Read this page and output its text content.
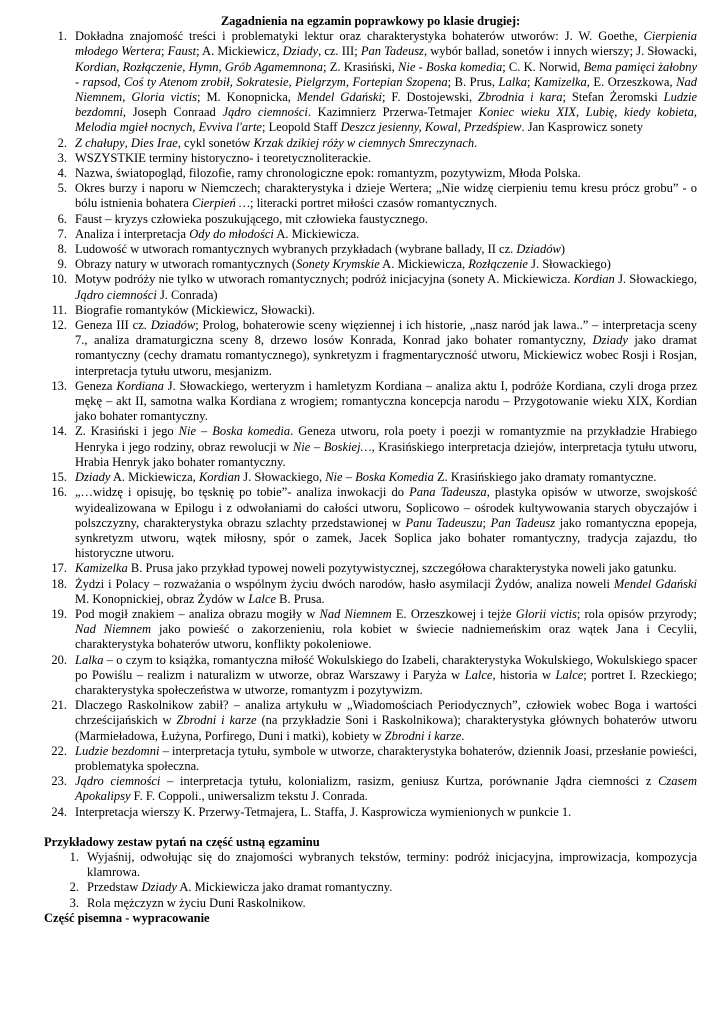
Zagadnienia na egzamin poprawkowy po klasie drugiej:
1. Dokładna znajomość treści i problematyki lektur oraz charakterystyka bohaterów utworów: J. W. Goethe, Cierpienia młodego Wertera; Faust; A. Mickiewicz, Dziady, cz. III; Pan Tadeusz, wybór ballad, sonetów i innych wierszy; J. Słowacki, Kordian, Rozłączenie, Hymn, Grób Agamemnona; Z. Krasiński, Nie - Boska komedia; C. K. Norwid, Bema pamięci żałobny - rapsod, Coś ty Atenom zrobił, Sokratesie, Pielgrzym, Fortepian Szopena; B. Prus, Lalka; Kamizelka, E. Orzeszkowa, Nad Niemnem, Gloria victis; M. Konopnicka, Mendel Gdański; F. Dostojewski, Zbrodnia i kara; Stefan Żeromski Ludzie bezdomni, Joseph Conraad Jądro ciemności. Kazimnierz Przerwa-Tetmajer Koniec wieku XIX, Lubię, kiedy kobieta, Melodia mgieł nocnych, Evviva l'arte; Leopold Staff Deszcz jesienny, Kowal, Przedśpiew. Jan Kasprowicz sonety
2. Z chałupy, Dies Irae, cykl sonetów Krzak dzikiej róży w ciemnych Smreczynach.
3. WSZYSTKIE terminy historyczno- i teoretycznoliterackie.
4. Nazwa, światopogląd, filozofie, ramy chronologiczne epok: romantyzm, pozytywizm, Młoda Polska.
5. Okres burzy i naporu w Niemczech; charakterystyka i dzieje Wertera; „Nie widzę cierpieniu temu kresu prócz grobu” - o bólu istnienia bohatera Cierpień …; literacki portret miłości czasów romantycznych.
6. Faust – kryzys człowieka poszukującego, mit człowieka faustycznego.
7. Analiza i interpretacja Ody do młodości A. Mickiewicza.
8. Ludowość w utworach romantycznych wybranych przykładach (wybrane ballady, II cz. Dziadów)
9. Obrazy natury w utworach romantycznych (Sonety Krymskie A. Mickiewicza, Rozłączenie J. Słowackiego)
10. Motyw podróży nie tylko w utworach romantycznych; podróż inicjacyjna (sonety A. Mickiewicza. Kordian J. Słowackiego, Jądro ciemności J. Conrada)
11. Biografie romantyków (Mickiewicz, Słowacki).
12. Geneza III cz. Dziadów; Prolog, bohaterowie sceny więziennej i ich historie, „nasz naród jak lawa..” – interpretacja sceny 7., analiza dramaturgiczna sceny 8, drzewo losów Konrada, Konrad jako bohater romantyczny, Dziady jako dramat romantyczny (cechy dramatu romantycznego), synkretyzm i fragmentaryczność utworu, Mickiewicz wobec Rosji i Rosjan, interpretacja tytułu utworu, mesjanizm.
13. Geneza Kordiana J. Słowackiego, werteryzm i hamletyzm Kordiana – analiza aktu I, podróże Kordiana, czyli droga przez mękę – akt II, samotna walka Kordiana z wrogiem; romantyczna koncepcja narodu – Przygotowanie wieku XIX, Kordian jako bohater romantyczny.
14. Z. Krasiński i jego Nie – Boska komedia. Geneza utworu, rola poety i poezji w romantyzmie na przykładzie Hrabiego Henryka i jego rodziny, obraz rewolucji w Nie – Boskiej…, Krasińskiego interpretacja dziejów, interpretacja tytułu utworu, Hrabia Henryk jako bohater romantyczny.
15. Dziady A. Mickiewicza, Kordian J. Słowackiego, Nie – Boska Komedia Z. Krasińskiego jako dramaty romantyczne.
16. „…widzę i opisuję, bo tęsknię po tobie”- analiza inwokacji do Pana Tadeusza, plastyka opisów w utworze, swojskość wyidealizowana w Epilogu i z odwołaniami do całości utworu, Soplicowo – ośrodek kultywowania starych obyczajów i polszczyzny, charakterystyka obrazu szlachty przedstawionej w Panu Tadeuszu; Pan Tadeusz jako romantyczna epopeja, synkretyzm utworu, wątek miłosny, spór o zamek, Jacek Soplica jako bohater romantyczny, tradycja zajazdu, tło historyczne utworu.
17. Kamizelka B. Prusa jako przykład typowej noweli pozytywistycznej, szczegółowa charakterystyka noweli jako gatunku.
18. Żydzi i Polacy – rozważania o wspólnym życiu dwóch narodów, hasło asymilacji Żydów, analiza noweli Mendel Gdański M. Konopnickiej, obraz Żydów w Lalce B. Prusa.
19. Pod mogił znakiem – analiza obrazu mogiły w Nad Niemnem E. Orzeszkowej i tejże Glorii victis; rola opisów przyrody; Nad Niemnem jako powieść o zakorzenieniu, rola kobiet w świecie nadniemeńskim oraz wątek Jana i Cecylii, charakterystyka bohaterów utworu, konflikty pokoleniowe.
20. Lalka – o czym to książka, romantyczna miłość Wokulskiego do Izabeli, charakterystyka Wokulskiego, Wokulskiego spacer po Powiślu – realizm i naturalizm w utworze, obraz Warszawy i Paryża w Lalce, historia w Lalce; portret I. Rzeckiego; charakterystyka społeczeństwa w utworze, romantyzm i pozytywizm.
21. Dlaczego Raskolnikow zabił? – analiza artykułu w „Wiadomościach Periodycznych”, człowiek wobec Boga i wartości chrześcijańskich w Zbrodni i karze (na przykładzie Soni i Raskolnikowa); charakterystyka głównych bohaterów utworu (Marmieładowa, Łużyna, Porfirego, Duni i matki), kobiety w Zbrodni i karze.
22. Ludzie bezdomni – interpretacja tytułu, symbole w utworze, charakterystyka bohaterów, dziennik Joasi, przesłanie powieści, problematyka społeczna.
23. Jądro ciemności – interpretacja tytułu, kolonializm, rasizm, geniusz Kurtza, porównanie Jądra ciemności z Czasem Apokalipsy F. F. Coppoli., uniwersalizm tekstu J. Conrada.
24. Interpretacja wierszy K. Przerwy-Tetmajera, L. Staffa, J. Kasprowicza wymienionych w punkcie 1.
Przykładowy zestaw pytań na część ustną egzaminu
1. Wyjaśnij, odwołując się do znajomości wybranych tekstów, terminy: podróż inicjacyjna, improwizacja, kompozycja klamrowa.
2. Przedstaw Dziady A. Mickiewicza jako dramat romantyczny.
3. Rola mężczyzn w życiu Duni Raskolnikow.
Część pisemna - wypracowanie
